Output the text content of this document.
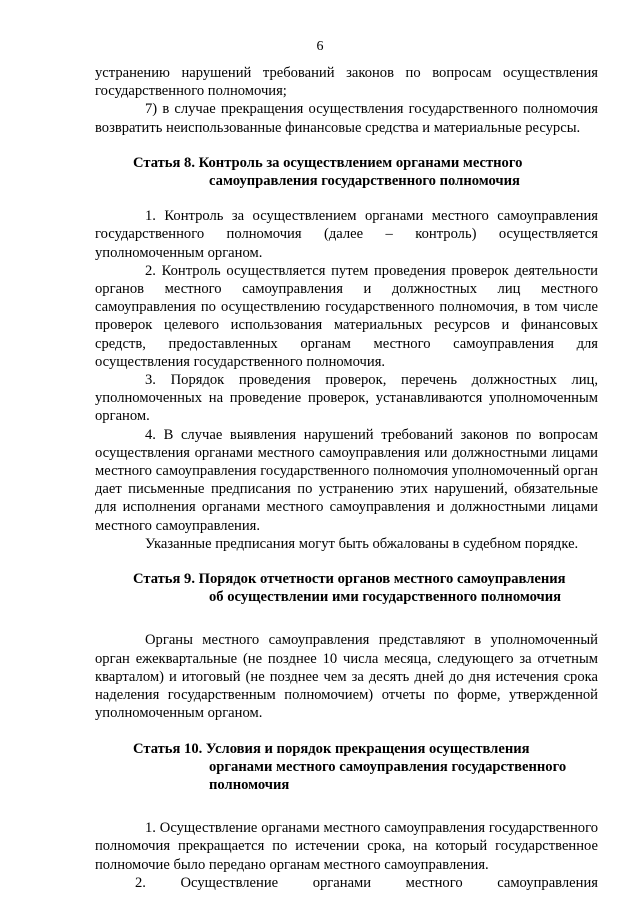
6

устранению нарушений требований законов по вопросам осуществления государственного полномочия;

7) в случае прекращения осуществления государственного полномочия возвратить неиспользованные финансовые средства и материальные ресурсы.

Статья 8. Контроль за осуществлением органами местного
самоуправления государственного полномочия

1. Контроль за осуществлением органами местного самоуправления государственного полномочия (далее – контроль) осуществляется уполномоченным органом.

2. Контроль осуществляется путем проведения проверок деятельности органов местного самоуправления и должностных лиц местного самоуправления по осуществлению государственного полномочия, в том числе проверок целевого использования материальных ресурсов и финансовых средств, предоставленных органам местного самоуправления для осуществления государственного полномочия.

3. Порядок проведения проверок, перечень должностных лиц, уполномоченных на проведение проверок, устанавливаются уполномоченным органом.

4. В случае выявления нарушений требований законов по вопросам осуществления органами местного самоуправления или должностными лицами местного самоуправления государственного полномочия уполномоченный орган дает письменные предписания по устранению этих нарушений, обязательные для исполнения органами местного самоуправления и должностными лицами местного самоуправления.

Указанные предписания могут быть обжалованы в судебном порядке.

Статья 9. Порядок отчетности органов местного самоуправления
об осуществлении ими государственного полномочия

Органы местного самоуправления представляют в уполномоченный орган ежеквартальные (не позднее 10 числа месяца, следующего за отчетным кварталом) и итоговый (не позднее чем за десять дней до дня истечения срока наделения государственным полномочием) отчеты по форме, утвержденной уполномоченным органом.

Статья 10. Условия и порядок прекращения осуществления
органами местного самоуправления государственного
полномочия

1. Осуществление органами местного самоуправления государственного полномочия прекращается по истечении срока, на который государственное полномочие было передано органам местного самоуправления.

2. Осуществление органами местного самоуправления
